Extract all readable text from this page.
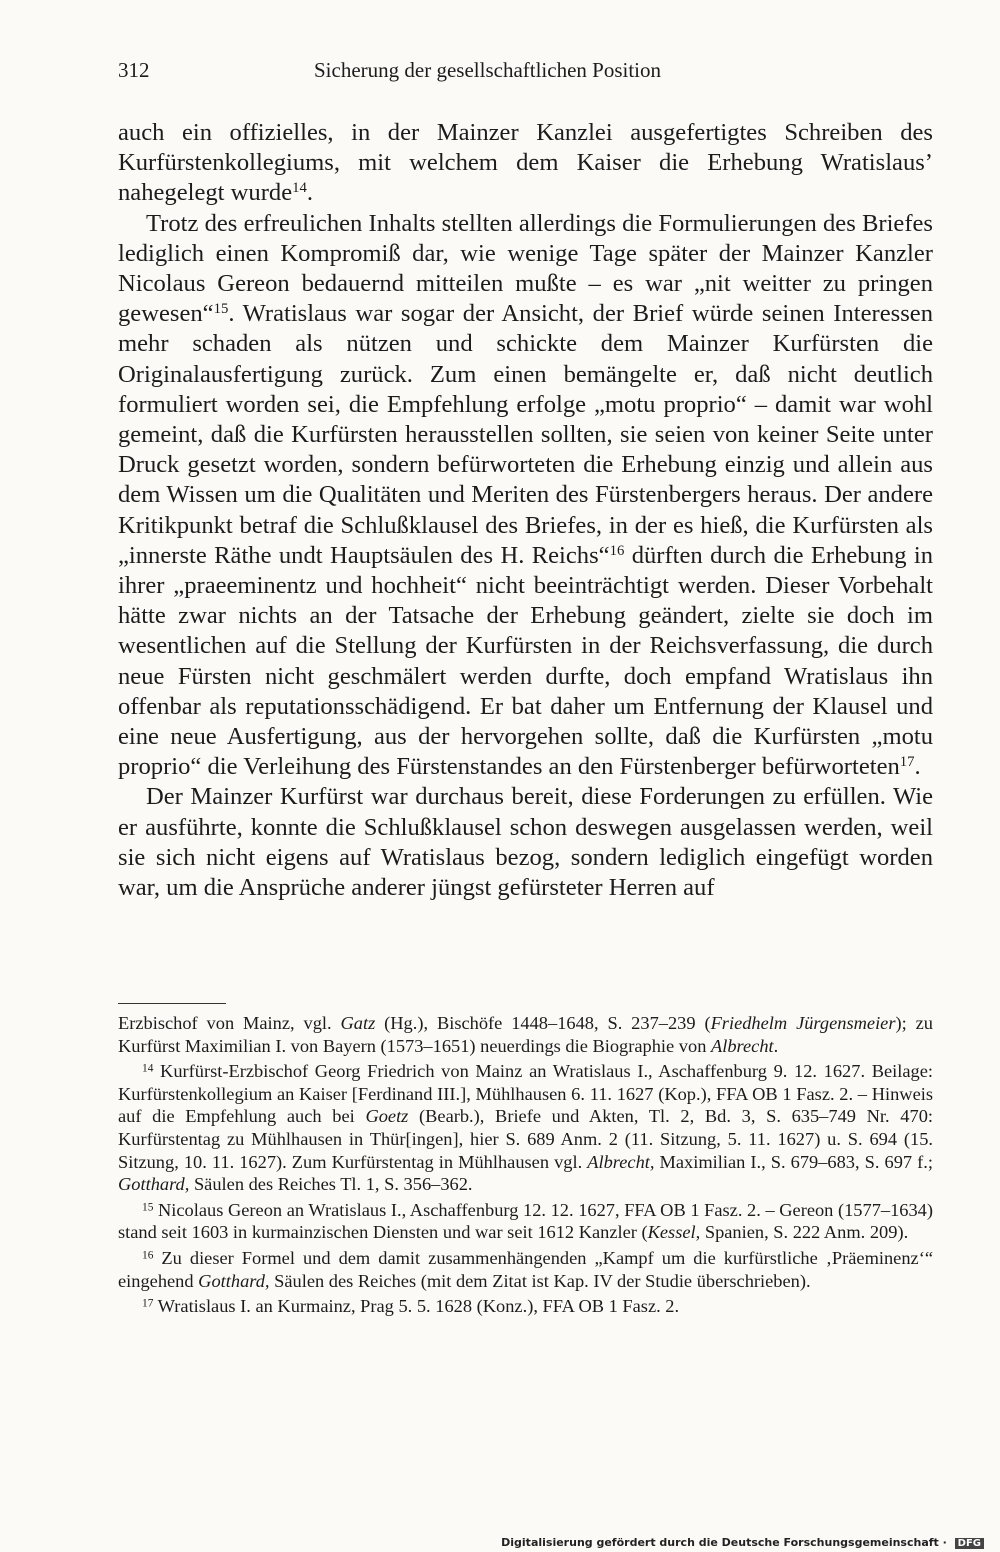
312	Sicherung der gesellschaftlichen Position

auch ein offizielles, in der Mainzer Kanzlei ausgefertigtes Schreiben des Kurfürstenkollegiums, mit welchem dem Kaiser die Erhebung Wratislaus’ nahegelegt wurde$^{14}$.

Trotz des erfreulichen Inhalts stellten allerdings die Formulierungen des Briefes lediglich einen Kompromiß dar, wie wenige Tage später der Mainzer Kanzler Nicolaus Gereon bedauernd mitteilen mußte – es war „nit weitter zu pringen gewesen“$^{15}$. Wratislaus war sogar der Ansicht, der Brief würde seinen Interessen mehr schaden als nützen und schickte dem Mainzer Kurfürsten die Originalausfertigung zurück. Zum einen bemängelte er, daß nicht deutlich formuliert worden sei, die Empfehlung erfolge „motu proprio“ – damit war wohl gemeint, daß die Kurfürsten herausstellen sollten, sie seien von keiner Seite unter Druck gesetzt worden, sondern befürworteten die Erhebung einzig und allein aus dem Wissen um die Qualitäten und Meriten des Fürstenbergers heraus. Der andere Kritikpunkt betraf die Schlußklausel des Briefes, in der es hieß, die Kurfürsten als „innerste Räthe undt Hauptsäulen des H. Reichs“$^{16}$ dürften durch die Erhebung in ihrer „praeeminentz und hochheit“ nicht beeinträchtigt werden. Dieser Vorbehalt hätte zwar nichts an der Tatsache der Erhebung geändert, zielte sie doch im wesentlichen auf die Stellung der Kurfürsten in der Reichsverfassung, die durch neue Fürsten nicht geschmälert werden durfte, doch empfand Wratislaus ihn offenbar als reputationsschädigend. Er bat daher um Entfernung der Klausel und eine neue Ausfertigung, aus der hervorgehen sollte, daß die Kurfürsten „motu proprio“ die Verleihung des Fürstenstandes an den Fürstenberger befürworteten$^{17}$.

Der Mainzer Kurfürst war durchaus bereit, diese Forderungen zu erfüllen. Wie er ausführte, konnte die Schlußklausel schon deswegen ausgelassen werden, weil sie sich nicht eigens auf Wratislaus bezog, sondern lediglich eingefügt worden war, um die Ansprüche anderer jüngst gefürsteter Herren auf

Erzbischof von Mainz, vgl. Gatz (Hg.), Bischöfe 1448–1648, S. 237–239 (Friedhelm Jürgensmeier); zu Kurfürst Maximilian I. von Bayern (1573–1651) neuerdings die Biographie von Albrecht.

$^{14}$ Kurfürst-Erzbischof Georg Friedrich von Mainz an Wratislaus I., Aschaffenburg 9. 12. 1627. Beilage: Kurfürstenkollegium an Kaiser [Ferdinand III.], Mühlhausen 6. 11. 1627 (Kop.), FFA OB 1 Fasz. 2. – Hinweis auf die Empfehlung auch bei Goetz (Bearb.), Briefe und Akten, Tl. 2, Bd. 3, S. 635–749 Nr. 470: Kurfürstentag zu Mühlhausen in Thür[ingen], hier S. 689 Anm. 2 (11. Sitzung, 5. 11. 1627) u. S. 694 (15. Sitzung, 10. 11. 1627). Zum Kurfürstentag in Mühlhausen vgl. Albrecht, Maximilian I., S. 679–683, S. 697 f.; Gotthard, Säulen des Reiches Tl. 1, S. 356–362.

$^{15}$ Nicolaus Gereon an Wratislaus I., Aschaffenburg 12. 12. 1627, FFA OB 1 Fasz. 2. – Gereon (1577–1634) stand seit 1603 in kurmainzischen Diensten und war seit 1612 Kanzler (Kessel, Spanien, S. 222 Anm. 209).

$^{16}$ Zu dieser Formel und dem damit zusammenhängenden „Kampf um die kurfürstliche ‚Präeminenz‘“ eingehend Gotthard, Säulen des Reiches (mit dem Zitat ist Kap. IV der Studie überschrieben).

$^{17}$ Wratislaus I. an Kurmainz, Prag 5. 5. 1628 (Konz.), FFA OB 1 Fasz. 2.

Digitalisierung gefördert durch die Deutsche Forschungsgemeinschaft · DFG
